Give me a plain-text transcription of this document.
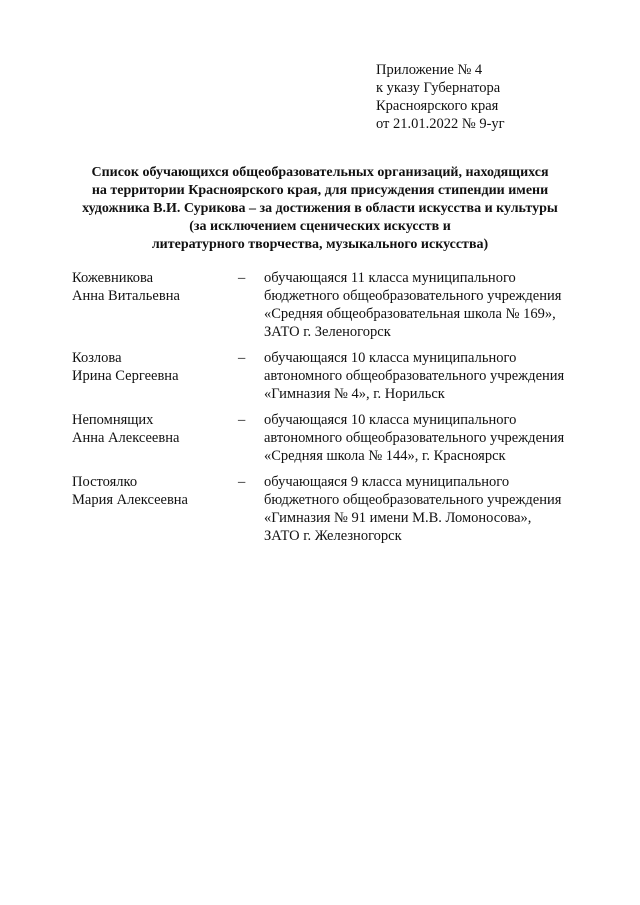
Приложение № 4
к указу Губернатора
Красноярского края
от 21.01.2022 № 9-уг
Список обучающихся общеобразовательных организаций, находящихся
на территории Красноярского края, для присуждения стипендии имени
художника В.И. Сурикова – за достижения в области искусства и культуры
(за исключением сценических искусств и
литературного творчества, музыкального искусства)
Кожевникова
Анна Витальевна
– обучающаяся 11 класса муниципального
бюджетного общеобразовательного учреждения
«Средняя общеобразовательная школа № 169»,
ЗАТО г. Зеленогорск
Козлова
Ирина Сергеевна
– обучающаяся 10 класса муниципального
автономного общеобразовательного учреждения
«Гимназия № 4», г. Норильск
Непомнящих
Анна Алексеевна
– обучающаяся 10 класса муниципального
автономного общеобразовательного учреждения
«Средняя школа № 144», г. Красноярск
Постоялко
Мария Алексеевна
– обучающаяся 9 класса муниципального
бюджетного общеобразовательного учреждения
«Гимназия № 91 имени М.В. Ломоносова»,
ЗАТО г. Железногорск
